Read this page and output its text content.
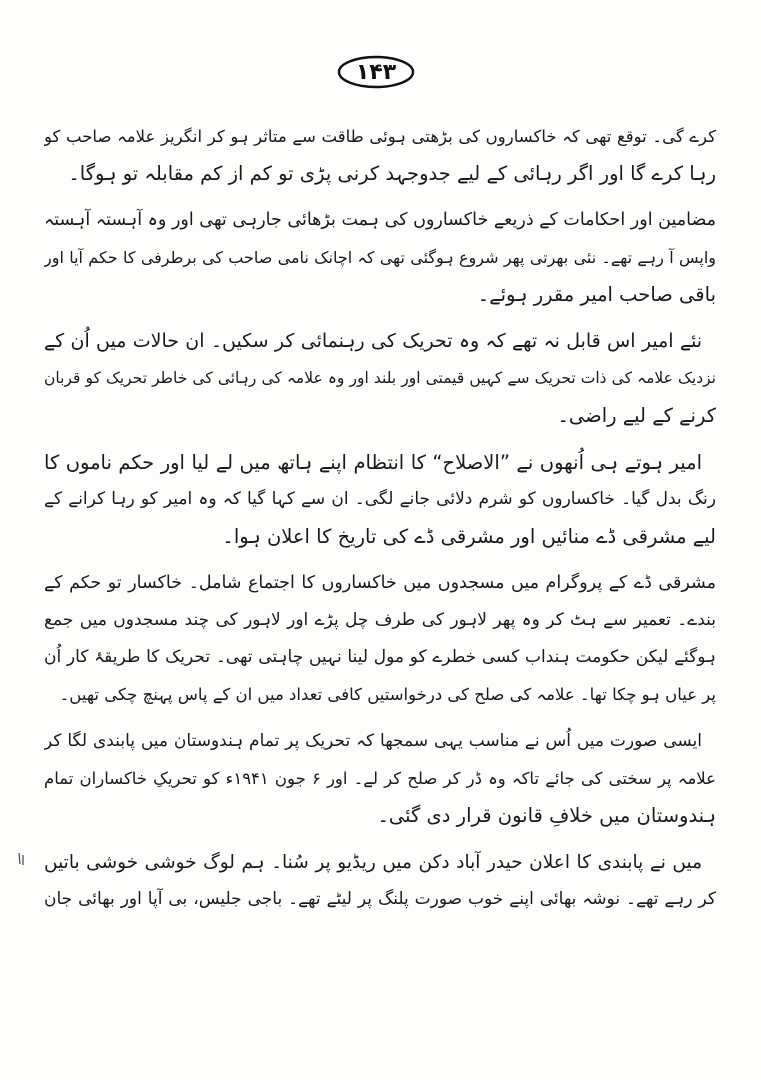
۱۴۳
کرے گی۔ توقع تھی کہ خاکساروں کی بڑھتی ہوئی طاقت سے متاثر ہو کر انگریز علامہ صاحب کو
رہا کرے گا اور اگر رہائی کے لیے جدوجہد کرنی پڑی تو کم از کم مقابلہ تو ہوگا۔
مضامین اور احکامات کے ذریعے خاکساروں کی ہمت بڑھائی جارہی تھی اور وہ آہستہ آہستہ
واپس آ رہے تھے۔ نئی بھرتی پھر شروع ہوگئی تھی کہ اچانک نامی صاحب کی برطرفی کا حکم آیا اور
باقی صاحب امیر مقرر ہوئے۔
نئے امیر اس قابل نہ تھے کہ وہ تحریک کی رہنمائی کر سکیں۔ ان حالات میں اُن کے
نزدیک علامہ کی ذات تحریک سے کہیں قیمتی اور بلند اور وہ علامہ کی رہائی کی خاطر تحریک کو قربان
کرنے کے لیے راضی۔
امیر ہوتے ہی اُنھوں نے ”الاصلاح“ کا انتظام اپنے ہاتھ میں لے لیا اور حکم ناموں کا
رنگ بدل گیا۔ خاکساروں کو شرم دلائی جانے لگی۔ ان سے کہا گیا کہ وہ امیر کو رہا کرانے کے
لیے مشرقی ڈے منائیں اور مشرقی ڈے کی تاریخ کا اعلان ہوا۔
مشرقی ڈے کے پروگرام میں مسجدوں میں خاکساروں کا اجتماع شامل۔ خاکسار تو حکم کے
بندے۔ تعمیر سے ہٹ کر وہ پھر لاہور کی طرف چل پڑے اور لاہور کی چند مسجدوں میں جمع
ہوگئے لیکن حکومت ہنداب کسی خطرے کو مول لینا نہیں چاہتی تھی۔ تحریک کا طریقۂ کار اُن
پر عیاں ہو چکا تھا۔ علامہ کی صلح کی درخواستیں کافی تعداد میں ان کے پاس پہنچ چکی تھیں۔
ایسی صورت میں اُس نے مناسب یہی سمجھا کہ تحریک پر تمام ہندوستان میں پابندی لگا کر
علامہ پر سختی کی جائے تاکہ وہ ڈر کر صلح کر لے۔ اور ۶ جون ۱۹۴۱ء کو تحریکِ خاکساران تمام
ہندوستان میں خلافِ قانون قرار دی گئی۔
میں نے پابندی کا اعلان حیدر آباد دکن میں ریڈیو پر سُنا۔ ہم لوگ خوشی خوشی باتیں
کر رہے تھے۔ نوشہ بھائی اپنے خوب صورت پلنگ پر لیٹے تھے۔ باجی جلیس، بی آپا اور بھائی جان
